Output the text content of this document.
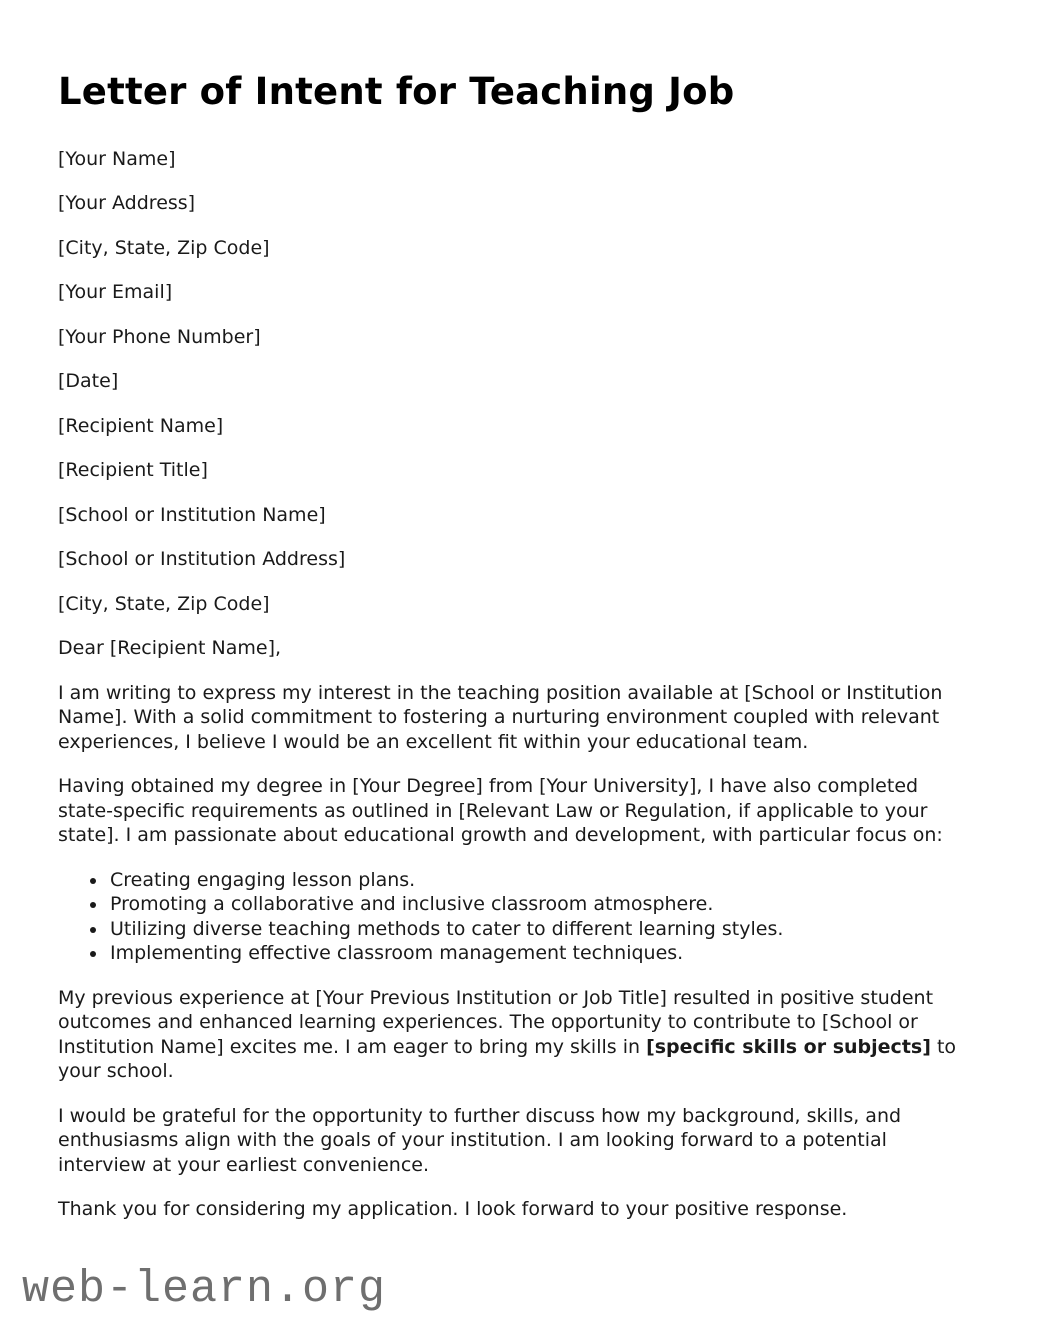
Letter of Intent for Teaching Job

[Your Name]

[Your Address]

[City, State, Zip Code]

[Your Email]

[Your Phone Number]

[Date]

[Recipient Name]

[Recipient Title]

[School or Institution Name]

[School or Institution Address]

[City, State, Zip Code]

Dear [Recipient Name],

I am writing to express my interest in the teaching position available at [School or Institution Name]. With a solid commitment to fostering a nurturing environment coupled with relevant experiences, I believe I would be an excellent fit within your educational team.

Having obtained my degree in [Your Degree] from [Your University], I have also completed state-specific requirements as outlined in [Relevant Law or Regulation, if applicable to your state]. I am passionate about educational growth and development, with particular focus on:

• Creating engaging lesson plans.
• Promoting a collaborative and inclusive classroom atmosphere.
• Utilizing diverse teaching methods to cater to different learning styles.
• Implementing effective classroom management techniques.

My previous experience at [Your Previous Institution or Job Title] resulted in positive student outcomes and enhanced learning experiences. The opportunity to contribute to [School or Institution Name] excites me. I am eager to bring my skills in [specific skills or subjects] to your school.

I would be grateful for the opportunity to further discuss how my background, skills, and enthusiasms align with the goals of your institution. I am looking forward to a potential interview at your earliest convenience.

Thank you for considering my application. I look forward to your positive response.

web-learn.org
